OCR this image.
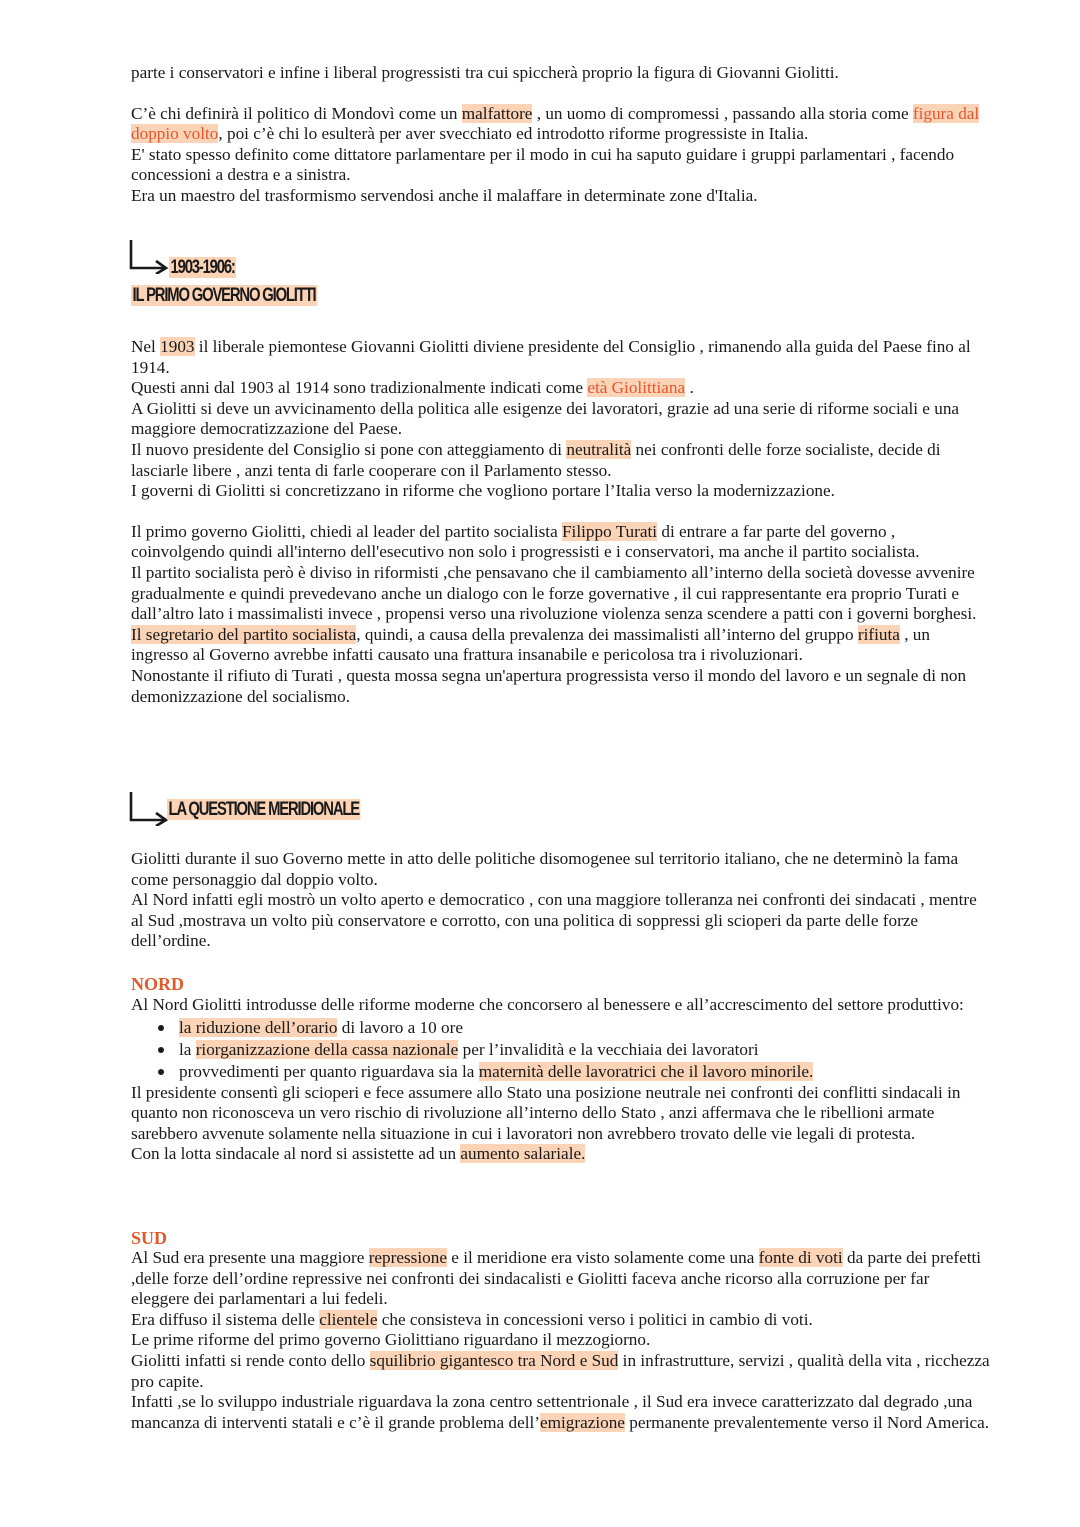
parte i conservatori e infine i liberal progressisti tra cui spiccherà proprio la figura di Giovanni Giolitti.

C’è chi definirà il politico di Mondovì come un malfattore , un uomo di compromessi , passando alla storia come figura dal doppio volto, poi c’è chi lo esulterà per aver svecchiato ed introdotto riforme progressiste in Italia.

E' stato spesso definito come dittatore parlamentare per il modo in cui ha saputo guidare i gruppi parlamentari , facendo concessioni a destra e a sinistra.

Era un maestro del trasformismo servendosi anche il malaffare in determinate zone d'Italia.

1903-1906:
IL PRIMO GOVERNO GIOLITTI

Nel 1903 il liberale piemontese Giovanni Giolitti diviene presidente del Consiglio , rimanendo alla guida del Paese fino al 1914.

Questi anni dal 1903 al 1914 sono tradizionalmente indicati come età Giolittiana .

A Giolitti si deve un avvicinamento della politica alle esigenze dei lavoratori, grazie ad una serie di riforme sociali e una maggiore democratizzazione del Paese.

Il nuovo presidente del Consiglio si pone con atteggiamento di neutralità nei confronti delle forze socialiste, decide di lasciarle libere , anzi tenta di farle cooperare con il Parlamento stesso.

I governi di Giolitti si concretizzano in riforme che vogliono portare l’Italia verso la modernizzazione.

Il primo governo Giolitti, chiedi al leader del partito socialista Filippo Turati di entrare a far parte del governo , coinvolgendo quindi all'interno dell'esecutivo non solo i progressisti e i conservatori, ma anche il partito socialista.

Il partito socialista però è diviso in riformisti ,che pensavano che il cambiamento all’interno della società dovesse avvenire gradualmente e quindi prevedevano anche un dialogo con le forze governative , il cui rappresentante era proprio Turati e dall’altro lato i massimalisti invece , propensi verso una rivoluzione violenza senza scendere a patti con i governi borghesi.

Il segretario del partito socialista, quindi, a causa della prevalenza dei massimalisti all’interno del gruppo rifiuta , un ingresso al Governo avrebbe infatti causato una frattura insanabile e pericolosa tra i rivoluzionari.

Nonostante il rifiuto di Turati , questa mossa segna un'apertura progressista verso il mondo del lavoro e un segnale di non demonizzazione del socialismo.

LA QUESTIONE MERIDIONALE

Giolitti durante il suo Governo mette in atto delle politiche disomogenee sul territorio italiano, che ne determinò la fama come personaggio dal doppio volto.

Al Nord infatti egli mostrò un volto aperto e democratico , con una maggiore tolleranza nei confronti dei sindacati , mentre al Sud ,mostrava un volto più conservatore e corrotto, con una politica di soppressi gli scioperi da parte delle forze dell’ordine.

NORD

Al Nord Giolitti introdusse delle riforme moderne che concorsero al benessere e all’accrescimento del settore produttivo:

la riduzione dell’orario di lavoro a 10 ore
la riorganizzazione della cassa nazionale per l’invalidità e la vecchiaia dei lavoratori
provvedimenti per quanto riguardava sia la maternità delle lavoratrici che il lavoro minorile.

Il presidente consentì gli scioperi e fece assumere allo Stato una posizione neutrale nei confronti dei conflitti sindacali in quanto non riconosceva un vero rischio di rivoluzione all’interno dello Stato , anzi affermava che le ribellioni armate sarebbero avvenute solamente nella situazione in cui i lavoratori non avrebbero trovato delle vie legali di protesta.

Con la lotta sindacale al nord si assistette ad un aumento salariale.

SUD

Al Sud era presente una maggiore repressione e il meridione era visto solamente come una fonte di voti da parte dei prefetti ,delle forze dell’ordine repressive nei confronti dei sindacalisti e Giolitti faceva anche ricorso alla corruzione per far eleggere dei parlamentari a lui fedeli.

Era diffuso il sistema delle clientele che consisteva in concessioni verso i politici in cambio di voti.

Le prime riforme del primo governo Giolittiano riguardano il mezzogiorno.

Giolitti infatti si rende conto dello squilibrio gigantesco tra Nord e Sud in infrastrutture, servizi , qualità della vita , ricchezza pro capite.

Infatti ,se lo sviluppo industriale riguardava la zona centro settentrionale , il Sud era invece caratterizzato dal degrado ,una mancanza di interventi statali e c’è il grande problema dell’emigrazione permanente prevalentemente verso il Nord America.
